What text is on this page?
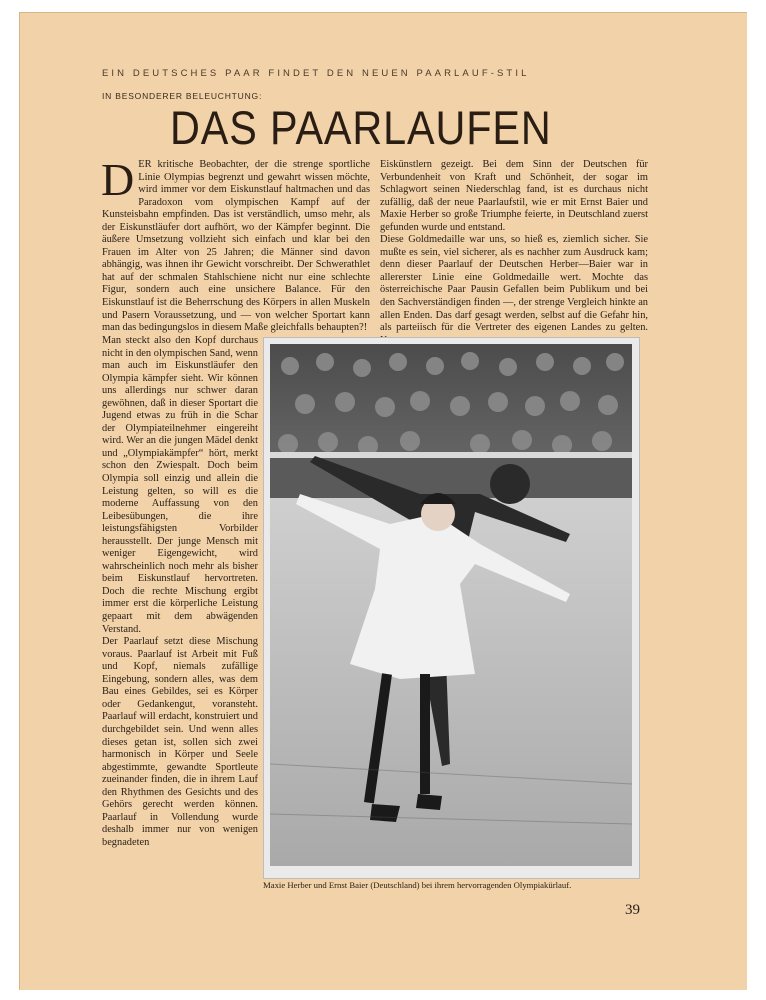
EIN DEUTSCHES PAAR FINDET DEN NEUEN PAARLAUF-STIL
IN BESONDERER BELEUCHTUNG:
DAS PAARLAUFEN

D ER kritische Beobachter, der die strenge sportliche Linie Olympias begrenzt und gewahrt wissen möchte, wird immer vor dem Eiskunstlauf haltmachen und das Paradoxon vom olympischen Kampf auf der Kunsteisbahn empfinden. Das ist verständlich, umso mehr, als der Eiskunstläufer dort aufhört, wo der Kämpfer beginnt. Die äußere Umsetzung vollzieht sich einfach und klar bei den Frauen im Alter von 25 Jahren; die Männer sind davon abhängig, was ihnen ihr Gewicht vorschreibt. Der Schwerathlet hat auf der schmalen Stahlschiene nicht nur eine schlechte Figur, sondern auch eine unsichere Balance. Für den Eiskunstlauf ist die Beherrschung des Körpers in allen Muskeln und Pasern Voraussetzung, und — von welcher Sportart kann man das bedingungslos in diesem Maße gleichfalls behaupten?!

Man steckt also den Kopf durchaus nicht in den olympischen Sand, wenn man auch im Eiskunstläufer den Olympia kämpfer sieht. Wir können uns allerdings nur schwer daran gewöhnen, daß in dieser Sportart die Jugend etwas zu früh in die Schar der Olympiateilnehmer eingereiht wird. Wer an die jungen Mädel denkt und „Olympiakämpfer“ hört, merkt schon den Zwiespalt. Doch beim Olympia soll einzig und allein die Leistung gelten, so will es die moderne Auffassung von den Leibesübungen, die ihre leistungsfähigsten Vorbilder herausstellt. Der junge Mensch mit weniger Eigengewicht, wird wahrscheinlich noch mehr als bisher beim Eiskunstlauf hervortreten. Doch die rechte Mischung ergibt immer erst die körperliche Leistung gepaart mit dem abwägenden Verstand.

Der Paarlauf setzt diese Mischung voraus. Paarlauf ist Arbeit mit Fuß und Kopf, niemals zufällige Eingebung, sondern alles, was dem Bau eines Gebildes, sei es Körper oder Gedankengut, voransteht. Paarlauf will erdacht, konstruiert und durchgebildet sein. Und wenn alles dieses getan ist, sollen sich zwei harmonisch in Körper und Seele abgestimmte, gewandte Sportleute zueinander finden, die in ihrem Lauf den Rhythmen des Gesichts und des Gehörs gerecht werden können. Paarlauf in Vollendung wurde deshalb immer nur von wenigen begnadeten

Eiskünstlern gezeigt. Bei dem Sinn der Deutschen für Verbundenheit von Kraft und Schönheit, der sogar im Schlagwort seinen Niederschlag fand, ist es durchaus nicht zufällig, daß der neue Paarlaufstil, wie er mit Ernst Baier und Maxie Herber so große Triumphe feierte, in Deutschland zuerst gefunden wurde und entstand.

Diese Goldmedaille war uns, so hieß es, ziemlich sicher. Sie mußte es sein, viel sicherer, als es nachher zum Ausdruck kam; denn dieser Paarlauf der Deutschen Herber—Baier war in allererster Linie eine Goldmedaille wert. Mochte das österreichische Paar Pausin Gefallen beim Publikum und bei den Sachverständigen finden —, der strenge Vergleich hinkte an allen Enden. Das darf gesagt werden, selbst auf die Gefahr hin, als parteiisch für die Vertreter des eigenen Landes zu gelten.

Maxie Herber und Ernst Baier (Deutschland) bei ihrem hervorragenden Olympiakürlauf.
39
